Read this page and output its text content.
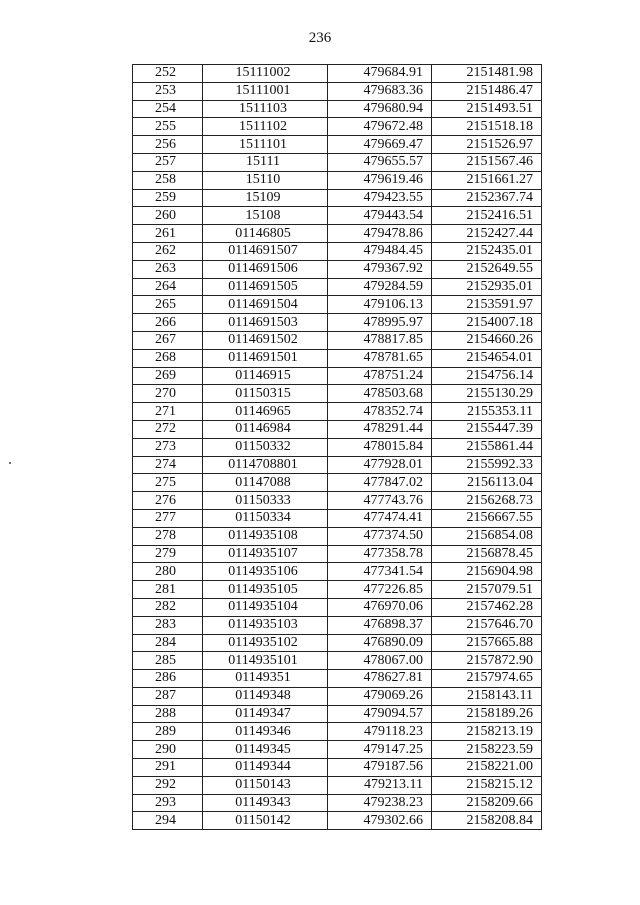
236
252	15111002	479684.91	2151481.98
253	15111001	479683.36	2151486.47
254	1511103	479680.94	2151493.51
255	1511102	479672.48	2151518.18
256	1511101	479669.47	2151526.97
257	15111	479655.57	2151567.46
258	15110	479619.46	2151661.27
259	15109	479423.55	2152367.74
260	15108	479443.54	2152416.51
261	01146805	479478.86	2152427.44
262	0114691507	479484.45	2152435.01
263	0114691506	479367.92	2152649.55
264	0114691505	479284.59	2152935.01
265	0114691504	479106.13	2153591.97
266	0114691503	478995.97	2154007.18
267	0114691502	478817.85	2154660.26
268	0114691501	478781.65	2154654.01
269	01146915	478751.24	2154756.14
270	01150315	478503.68	2155130.29
271	01146965	478352.74	2155353.11
272	01146984	478291.44	2155447.39
273	01150332	478015.84	2155861.44
274	0114708801	477928.01	2155992.33
275	01147088	477847.02	2156113.04
276	01150333	477743.76	2156268.73
277	01150334	477474.41	2156667.55
278	0114935108	477374.50	2156854.08
279	0114935107	477358.78	2156878.45
280	0114935106	477341.54	2156904.98
281	0114935105	477226.85	2157079.51
282	0114935104	476970.06	2157462.28
283	0114935103	476898.37	2157646.70
284	0114935102	476890.09	2157665.88
285	0114935101	478067.00	2157872.90
286	01149351	478627.81	2157974.65
287	01149348	479069.26	2158143.11
288	01149347	479094.57	2158189.26
289	01149346	479118.23	2158213.19
290	01149345	479147.25	2158223.59
291	01149344	479187.56	2158221.00
292	01150143	479213.11	2158215.12
293	01149343	479238.23	2158209.66
294	01150142	479302.66	2158208.84
